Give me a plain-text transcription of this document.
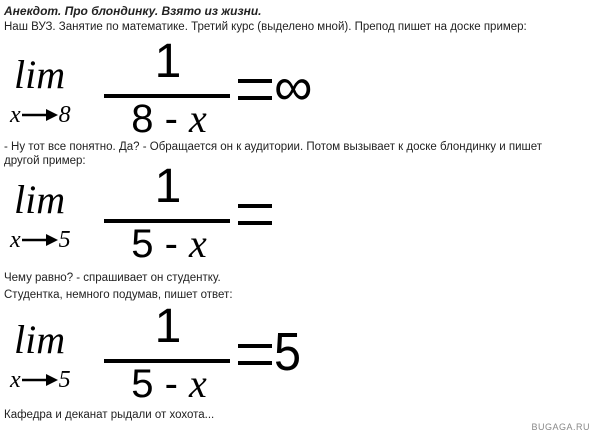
Анекдот. Про блондинку. Взято из жизни.
Наш ВУЗ. Занятие по математике. Третий курс (выделено мной). Препод пишет на доске пример:
lim
x 8
1
8 - x
∞
- Ну тот все понятно. Да? - Обращается он к аудитории. Потом вызывает к доске блондинку и пишет
другой пример:
lim
x 5
1
5 - x
Чему равно? - спрашивает он студентку.
Студентка, немного подумав, пишет ответ:
lim
x 5
1
5 - x
5
Кафедра и деканат рыдали от хохота...
BUGAGA.RU
